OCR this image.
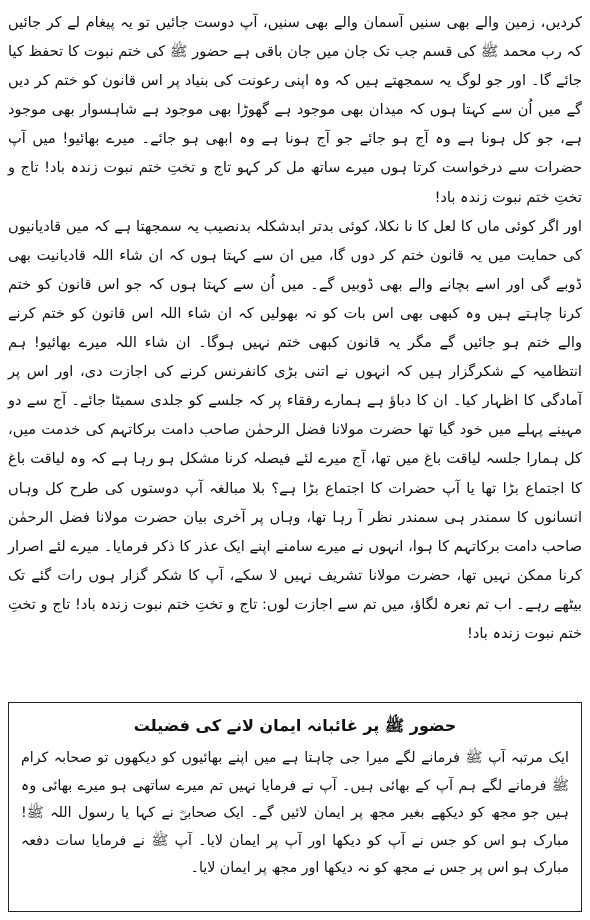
کردیں، زمین والے بھی سنیں آسمان والے بھی سنیں، آپ دوست جائیں تو یہ پیغام لے کر جائیں کہ رب محمد ﷺ کی قسم جب تک جان میں جان باقی ہے حضور ﷺ کی ختم نبوت کا تحفظ کیا جائے گا۔ اور جو لوگ یہ سمجھتے ہیں کہ وہ اپنی رعونت کی بنیاد پر اس قانون کو ختم کر دیں گے میں اُن سے کہتا ہوں کہ میدان بھی موجود ہے گھوڑا بھی موجود ہے شاہسوار بھی موجود ہے، جو کل ہونا ہے وہ آج ہو جائے جو آج ہونا ہے وہ ابھی ہو جائے۔ میرے بھائیو! میں آپ حضرات سے درخواست کرتا ہوں میرے ساتھ مل کر کہو تاج و تختِ ختم نبوت زندہ باد! تاج و تختِ ختم نبوت زندہ باد!

اور اگر کوئی ماں کا لعل کا نا نکلا، کوئی بدتر ابدشکلہ بدنصیب یہ سمجھتا ہے کہ میں قادیانیوں کی حمایت میں یہ قانون ختم کر دوں گا، میں ان سے کہتا ہوں کہ ان شاء اللہ قادیانیت بھی ڈوبے گی اور اسے بچانے والے بھی ڈوبیں گے۔ میں اُن سے کہتا ہوں کہ جو اس قانون کو ختم کرنا چاہتے ہیں وہ کبھی بھی اس بات کو نہ بھولیں کہ ان شاء اللہ اس قانون کو ختم کرنے والے ختم ہو جائیں گے مگر یہ قانون کبھی ختم نہیں ہوگا۔ ان شاء اللہ میرے بھائیو! ہم انتظامیہ کے شکرگزار ہیں کہ انہوں نے اتنی بڑی کانفرنس کرنے کی اجازت دی، اور اس پر آمادگی کا اظہار کیا۔ ان کا دباؤ ہے ہمارے رفقاء پر کہ جلسے کو جلدی سمیٹا جائے۔ آج سے دو مہینے پہلے میں خود گیا تھا حضرت مولانا فضل الرحمٰن صاحب دامت برکاتہم کی خدمت میں، کل ہمارا جلسہ لیاقت باغ میں تھا، آج میرے لئے فیصلہ کرنا مشکل ہو رہا ہے کہ وہ لیاقت باغ کا اجتماع بڑا تھا یا آپ حضرات کا اجتماع بڑا ہے؟ بلا مبالغہ آپ دوستوں کی طرح کل وہاں انسانوں کا سمندر ہی سمندر نظر آ رہا تھا، وہاں پر آخری بیان حضرت مولانا فضل الرحمٰن صاحب دامت برکاتہم کا ہوا، انہوں نے میرے سامنے اپنے ایک عذر کا ذکر فرمایا۔ میرے لئے اصرار کرنا ممکن نہیں تھا، حضرت مولانا تشریف نہیں لا سکے، آپ کا شکر گزار ہوں رات گئے تک بیٹھے رہے۔ اب تم نعرہ لگاؤ، میں تم سے اجازت لوں: تاج و تختِ ختم نبوت زندہ باد! تاج و تختِ ختم نبوت زندہ باد!

حضور ﷺ پر غائبانہ ایمان لانے کی فضیلت

ایک مرتبہ آپ ﷺ فرمانے لگے میرا جی چاہتا ہے میں اپنے بھائیوں کو دیکھوں تو صحابہ کرام ﷺ فرمانے لگے ہم آپ کے بھائی ہیں۔ آپ نے فرمایا نہیں تم میرے ساتھی ہو میرے بھائی وہ ہیں جو مجھ کو دیکھے بغیر مجھ پر ایمان لائیں گے۔ ایک صحابیؓ نے کہا یا رسول اللہ ﷺ! مبارک ہو اس کو جس نے آپ کو دیکھا اور آپ پر ایمان لایا۔ آپ ﷺ نے فرمایا سات دفعہ مبارک ہو اس پر جس نے مجھ کو نہ دیکھا اور مجھ پر ایمان لایا۔
